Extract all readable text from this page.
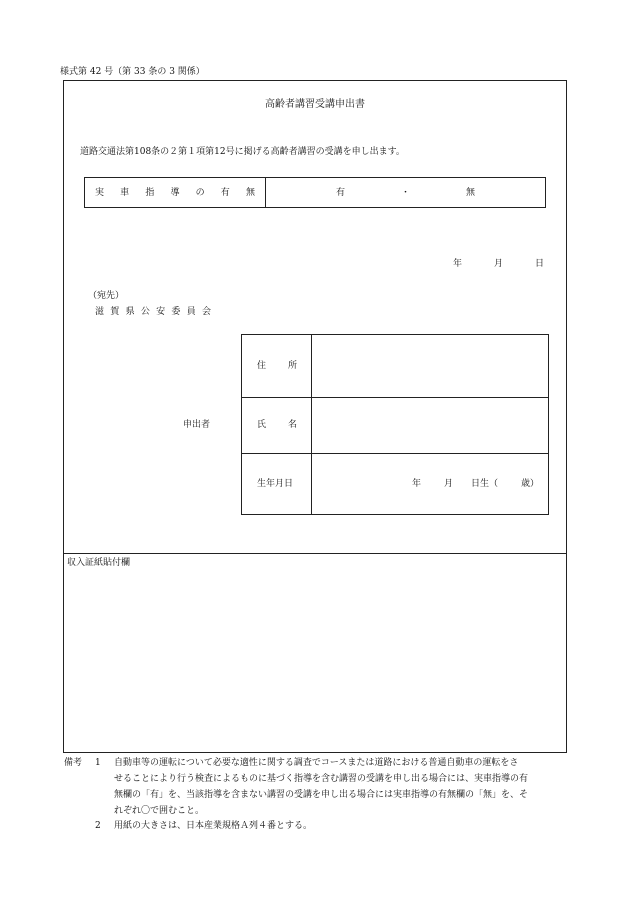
様式第 42 号（第 33 条の 3 関係）
高齢者講習受講申出書
道路交通法第108条の２第１項第12号に掲げる高齢者講習の受講を申し出ます。
実 車 指 導 の 有 無	有	・	無
年	月	日
（宛先）
滋 賀 県 公 安 委 員 会
申出者
住 所
氏 名
生年月日	年	月 日生（	歳）
収入証紙貼付欄
備考 1 自動車等の運転について必要な適性に関する調査でコースまたは道路における普通自動車の運転をさ
せることにより行う検査によるものに基づく指導を含む講習の受講を申し出る場合には、実車指導の有
無欄の「有」を、当該指導を含まない講習の受講を申し出る場合には実車指導の有無欄の「無」を、そ
れぞれ〇で囲むこと。
2 用紙の大きさは、日本産業規格Ａ列４番とする。
